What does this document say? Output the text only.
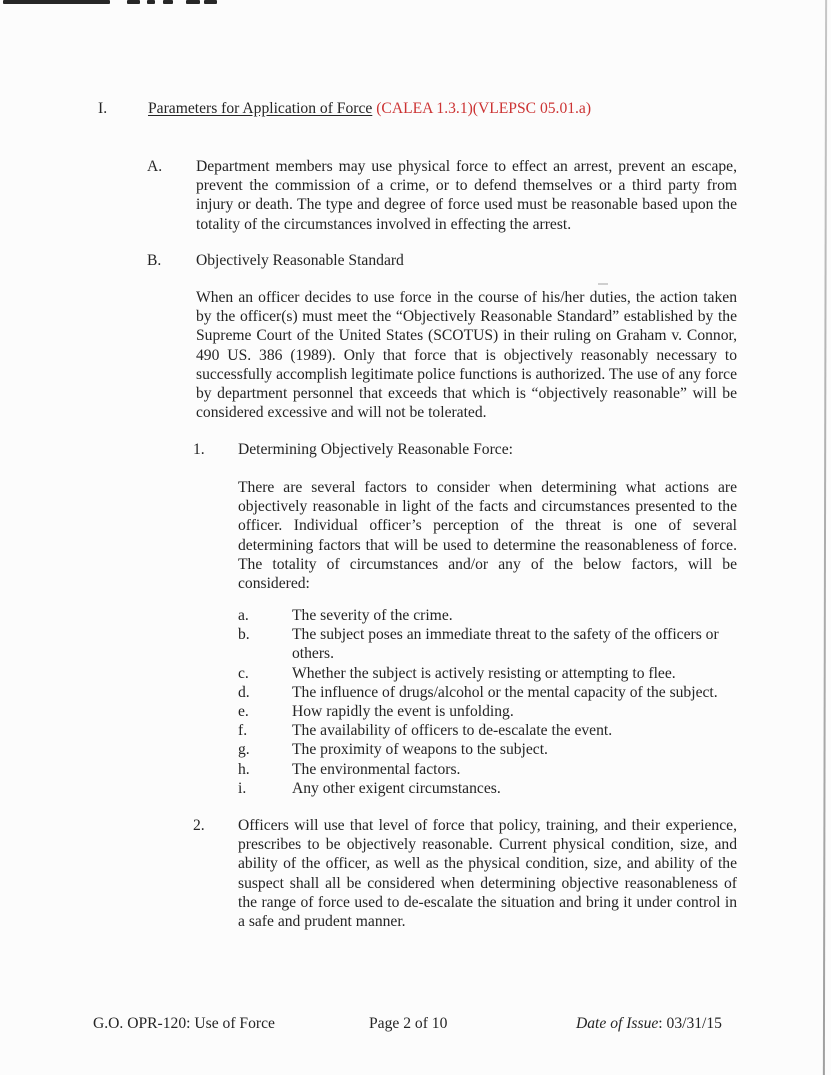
I.	Parameters for Application of Force (CALEA 1.3.1)(VLEPSC 05.01.a)
A.	Department members may use physical force to effect an arrest, prevent an escape, prevent the commission of a crime, or to defend themselves or a third party from injury or death. The type and degree of force used must be reasonable based upon the totality of the circumstances involved in effecting the arrest.
B.	Objectively Reasonable Standard
When an officer decides to use force in the course of his/her duties, the action taken by the officer(s) must meet the “Objectively Reasonable Standard” established by the Supreme Court of the United States (SCOTUS) in their ruling on Graham v. Connor, 490 US. 386 (1989). Only that force that is objectively reasonably necessary to successfully accomplish legitimate police functions is authorized. The use of any force by department personnel that exceeds that which is “objectively reasonable” will be considered excessive and will not be tolerated.
1.	Determining Objectively Reasonable Force:
There are several factors to consider when determining what actions are objectively reasonable in light of the facts and circumstances presented to the officer. Individual officer’s perception of the threat is one of several determining factors that will be used to determine the reasonableness of force. The totality of circumstances and/or any of the below factors, will be considered:
a.	The severity of the crime.
b.	The subject poses an immediate threat to the safety of the officers or others.
c.	Whether the subject is actively resisting or attempting to flee.
d.	The influence of drugs/alcohol or the mental capacity of the subject.
e.	How rapidly the event is unfolding.
f.	The availability of officers to de-escalate the event.
g.	The proximity of weapons to the subject.
h.	The environmental factors.
i.	Any other exigent circumstances.
2.	Officers will use that level of force that policy, training, and their experience, prescribes to be objectively reasonable. Current physical condition, size, and ability of the officer, as well as the physical condition, size, and ability of the suspect shall all be considered when determining objective reasonableness of the range of force used to de-escalate the situation and bring it under control in a safe and prudent manner.
G.O. OPR-120: Use of Force	Page 2 of 10	Date of Issue: 03/31/15
